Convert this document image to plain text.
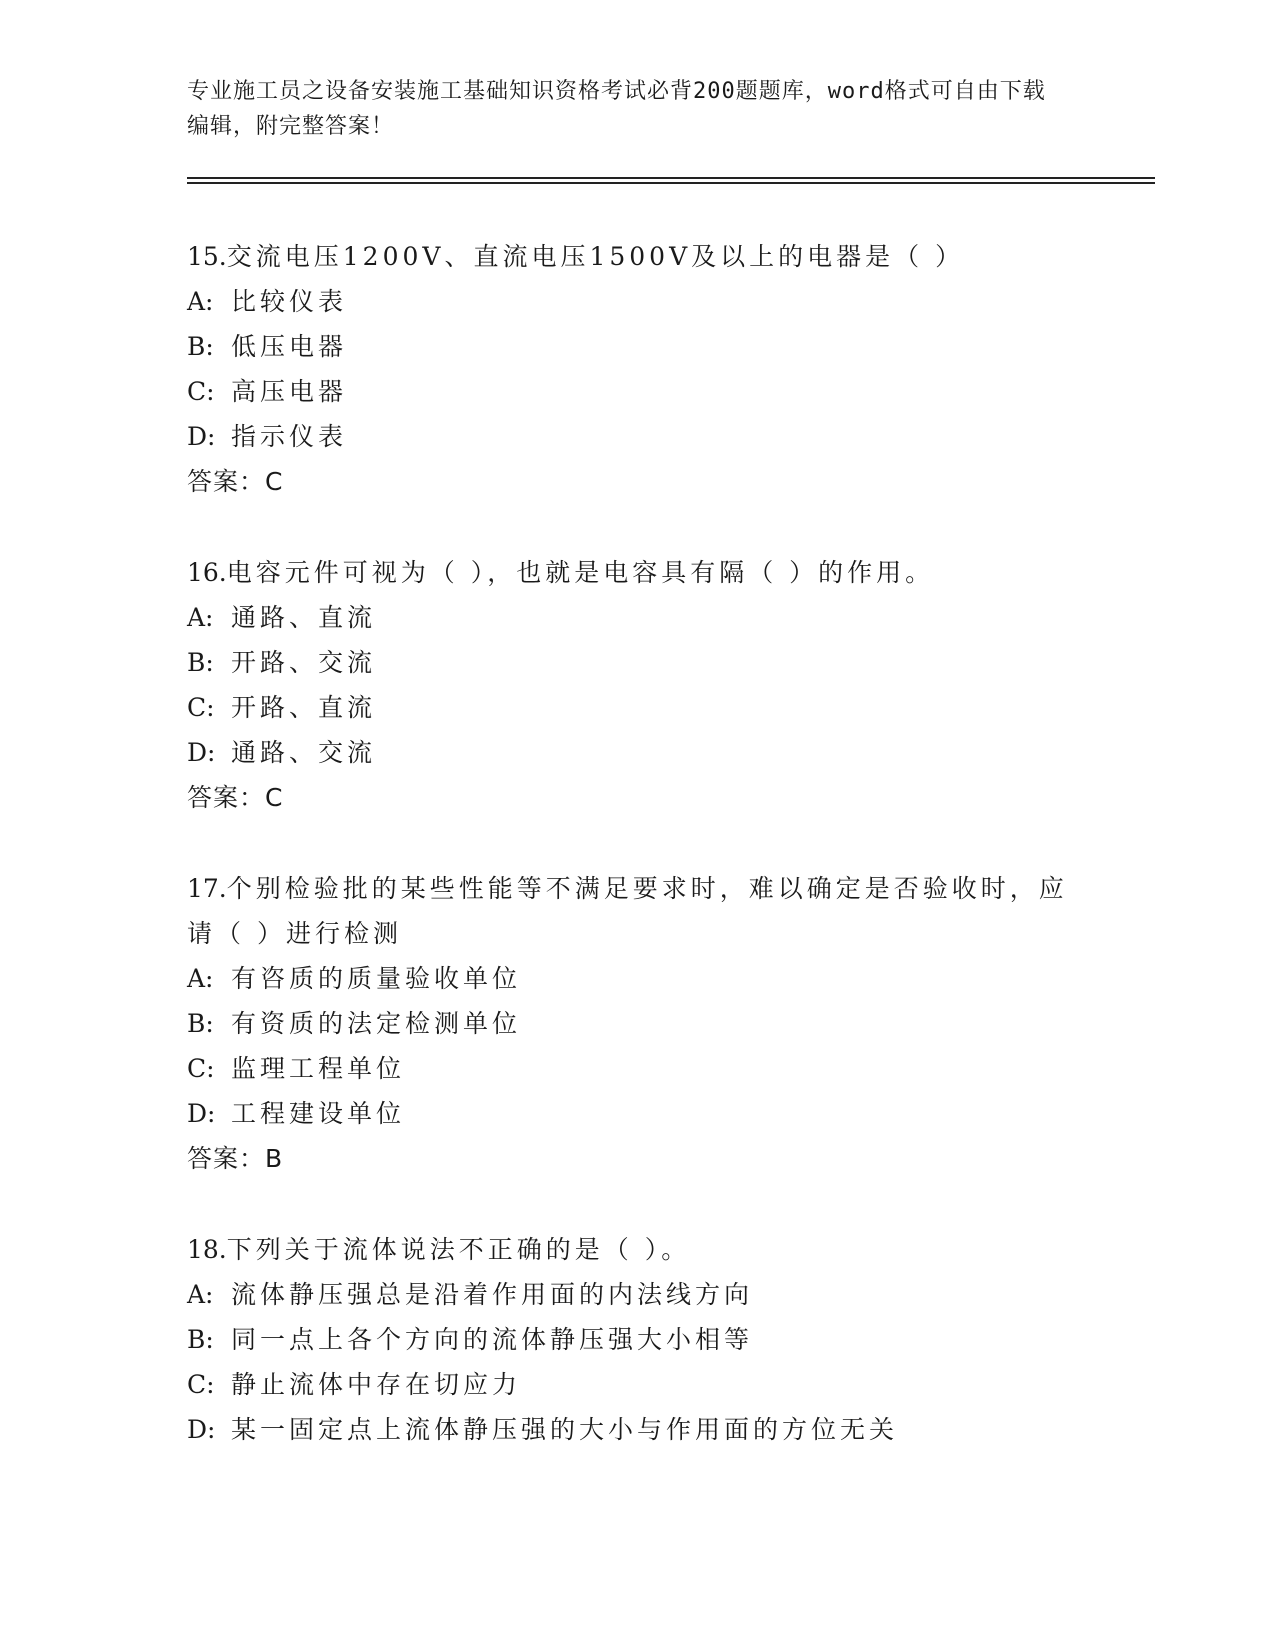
专业施工员之设备安装施工基础知识资格考试必背200题题库，word格式可自由下载编辑，附完整答案！

15.交流电压1200V、直流电压1500V及以上的电器是（ ）

A: 比较仪表

B: 低压电器

C: 高压电器

D: 指示仪表

答案：C

16.电容元件可视为（ ），也就是电容具有隔（ ）的作用。

A: 通路、直流

B: 开路、交流

C: 开路、直流

D: 通路、交流

答案：C

17.个别检验批的某些性能等不满足要求时，难以确定是否验收时，应请（ ）进行检测

A: 有咨质的质量验收单位

B: 有资质的法定检测单位

C: 监理工程单位

D: 工程建设单位

答案：B

18.下列关于流体说法不正确的是（ ）。

A: 流体静压强总是沿着作用面的内法线方向

B: 同一点上各个方向的流体静压强大小相等

C: 静止流体中存在切应力

D: 某一固定点上流体静压强的大小与作用面的方位无关
